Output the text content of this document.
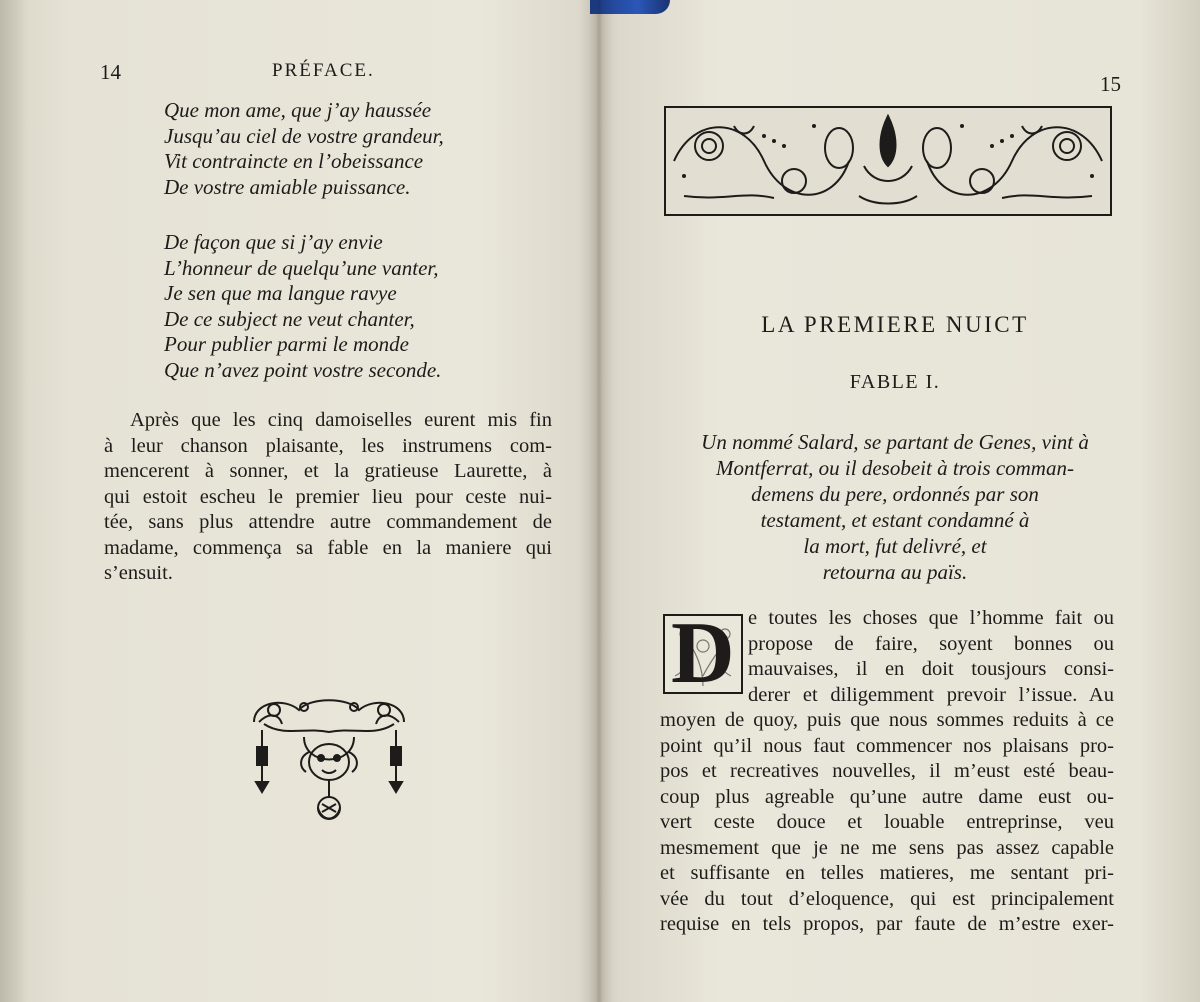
14	PRÉFACE.
Que mon ame, que j’ay haussée
Jusqu’au ciel de vostre grandeur,
Vit contraincte en l’obeissance
De vostre amiable puissance.
De façon que si j’ay envie
L’honneur de quelqu’une vanter,
Je sen que ma langue ravye
De ce subject ne veut chanter,
Pour publier parmi le monde
Que n’avez point vostre seconde.
Après que les cinq damoiselles eurent mis fin
à leur chanson plaisante, les instrumens com-
mencerent à sonner, et la gratieuse Laurette, à
qui estoit escheu le premier lieu pour ceste nui-
tée, sans plus attendre autre commandement de
madame, commença sa fable en la maniere qui
s’ensuit.
15
LA PREMIERE NUICT
FABLE I.
Un nommé Salard, se partant de Genes, vint à
Montferrat, ou il desobeit à trois comman-
demens du pere, ordonnés par son
testament, et estant condamné à
la mort, fut delivré, et
retourna au païs.
D e toutes les choses que l’homme fait ou
propose de faire, soyent bonnes ou
mauvaises, il en doit tousjours consi-
derer et diligemment prevoir l’issue. Au
moyen de quoy, puis que nous sommes reduits à ce
point qu’il nous faut commencer nos plaisans pro-
pos et recreatives nouvelles, il m’eust esté beau-
coup plus agreable qu’une autre dame eust ou-
vert ceste douce et louable entreprinse, veu
mesmement que je ne me sens pas assez capable
et suffisante en telles matieres, me sentant pri-
vée du tout d’eloquence, qui est principalement
requise en tels propos, par faute de m’estre exer-
